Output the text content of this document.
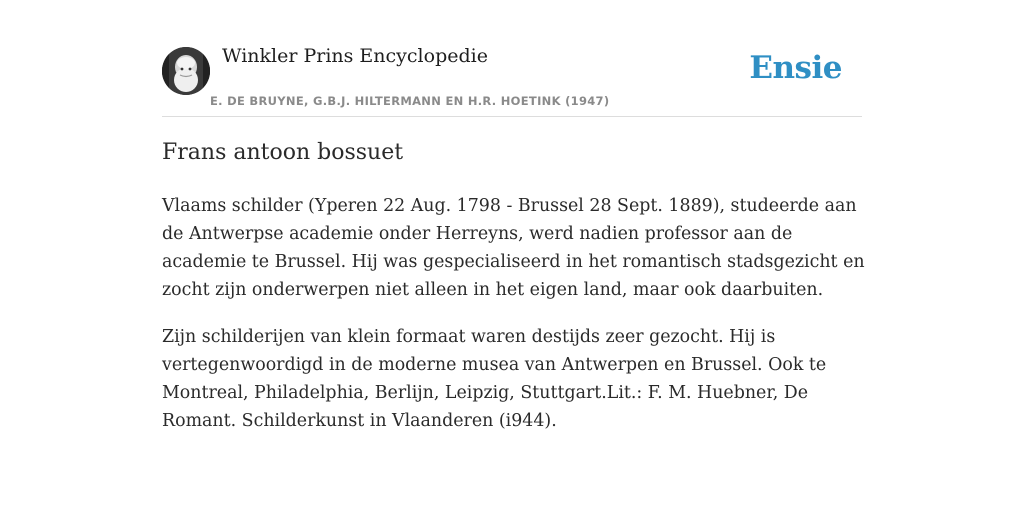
Winkler Prins Encyclopedie
E. DE BRUYNE, G.B.J. HILTERMANN EN H.R. HOETINK (1947)
Ensie
Frans antoon bossuet

Vlaams schilder (Yperen 22 Aug. 1798 - Brussel 28 Sept. 1889), studeerde aan de Antwerpse academie onder Herreyns, werd nadien professor aan de academie te Brussel. Hij was gespecialiseerd in het romantisch stadsgezicht en zocht zijn onderwerpen niet alleen in het eigen land, maar ook daarbuiten.

Zijn schilderijen van klein formaat waren destijds zeer gezocht. Hij is vertegenwoordigd in de moderne musea van Antwerpen en Brussel. Ook te Montreal, Philadelphia, Berlijn, Leipzig, Stuttgart.Lit.: F. M. Huebner, De Romant. Schilderkunst in Vlaanderen (i944).
